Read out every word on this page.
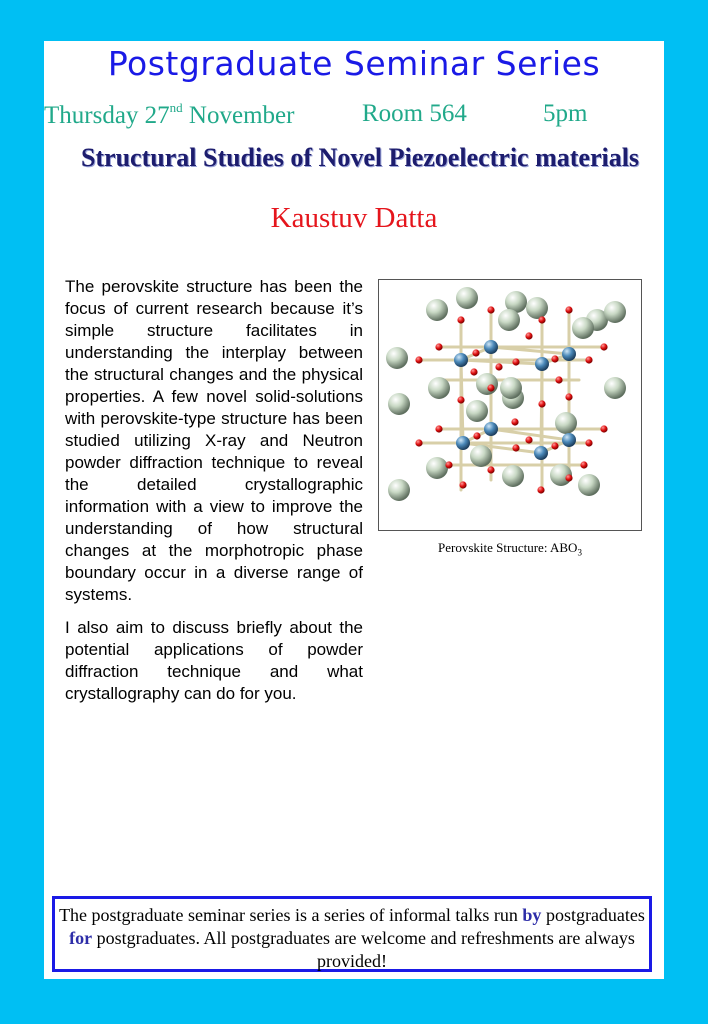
Postgraduate Seminar Series
Thursday 27nd November	Room 564	5pm
Structural Studies of Novel Piezoelectric materials
Kaustuv Datta

The perovskite structure has been the focus of current research because it’s simple structure facilitates in understanding the interplay between the structural changes and the physical properties. A few novel solid-solutions with perovskite-type structure has been studied utilizing X-ray and Neutron powder diffraction technique to reveal the detailed crystallographic information with a view to improve the understanding of how structural changes at the morphotropic phase boundary occur in a diverse range of systems.

I also aim to discuss briefly about the potential applications of powder diffraction technique and what crystallography can do for you.

Perovskite Structure: $ABO_3$
The postgraduate seminar series is a series of informal talks run by postgraduates for postgraduates. All postgraduates are welcome and refreshments are always provided!
